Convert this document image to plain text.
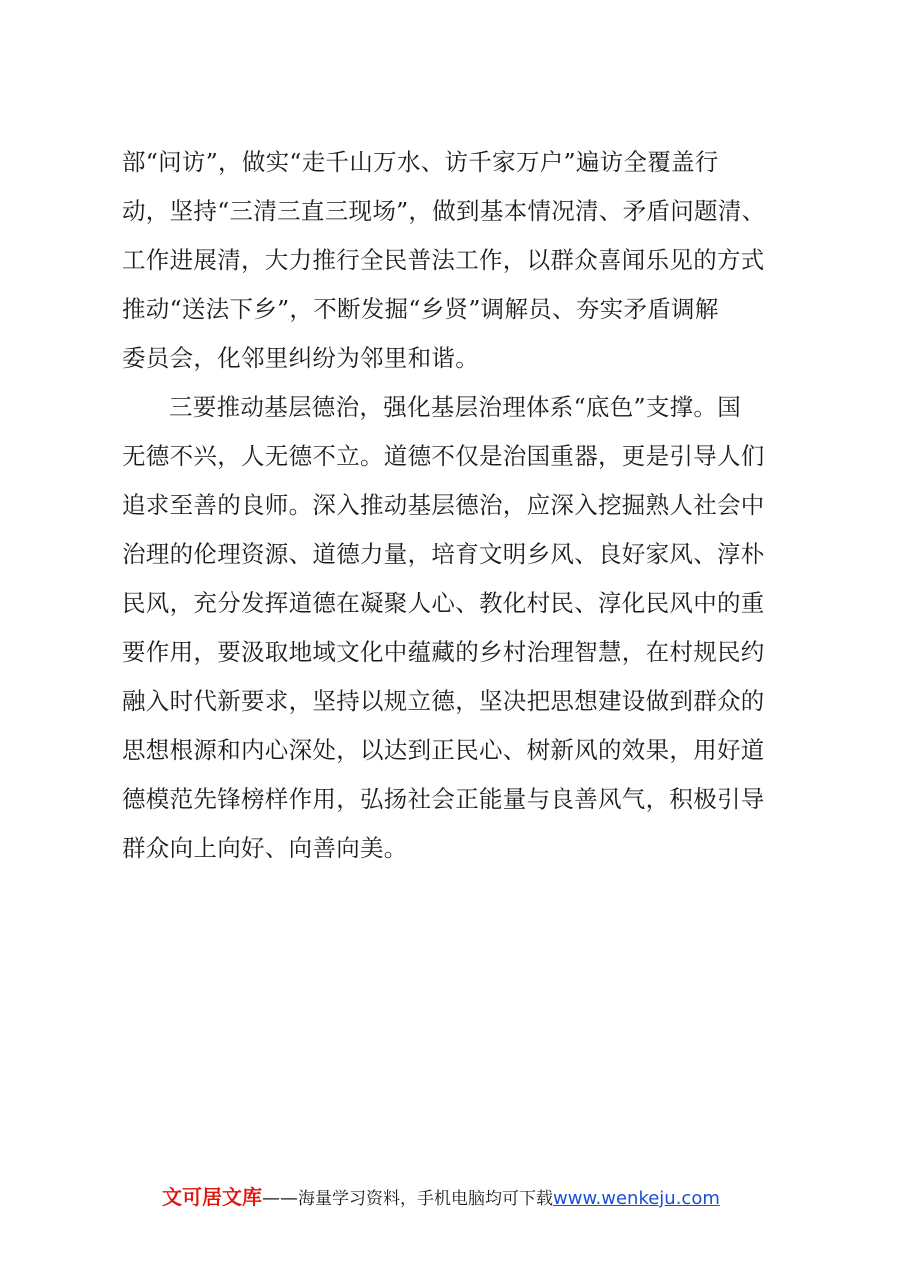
部“问访”，做实“走千山万水、访千家万户”遍访全覆盖行
动，坚持“三清三直三现场”，做到基本情况清、矛盾问题清、
工作进展清，大力推行全民普法工作，以群众喜闻乐见的方式
推动“送法下乡”，不断发掘“乡贤”调解员、夯实矛盾调解
委员会，化邻里纠纷为邻里和谐。
三要推动基层德治，强化基层治理体系“底色”支撑。国
无德不兴，人无德不立。道德不仅是治国重器，更是引导人们
追求至善的良师。深入推动基层德治，应深入挖掘熟人社会中
治理的伦理资源、道德力量，培育文明乡风、良好家风、淳朴
民风，充分发挥道德在凝聚人心、教化村民、淳化民风中的重
要作用，要汲取地域文化中蕴藏的乡村治理智慧，在村规民约
融入时代新要求，坚持以规立德，坚决把思想建设做到群众的
思想根源和内心深处，以达到正民心、树新风的效果，用好道
德模范先锋榜样作用，弘扬社会正能量与良善风气，积极引导
群众向上向好、向善向美。
文可居文库——海量学习资料，手机电脑均可下载www.wenkeju.com
